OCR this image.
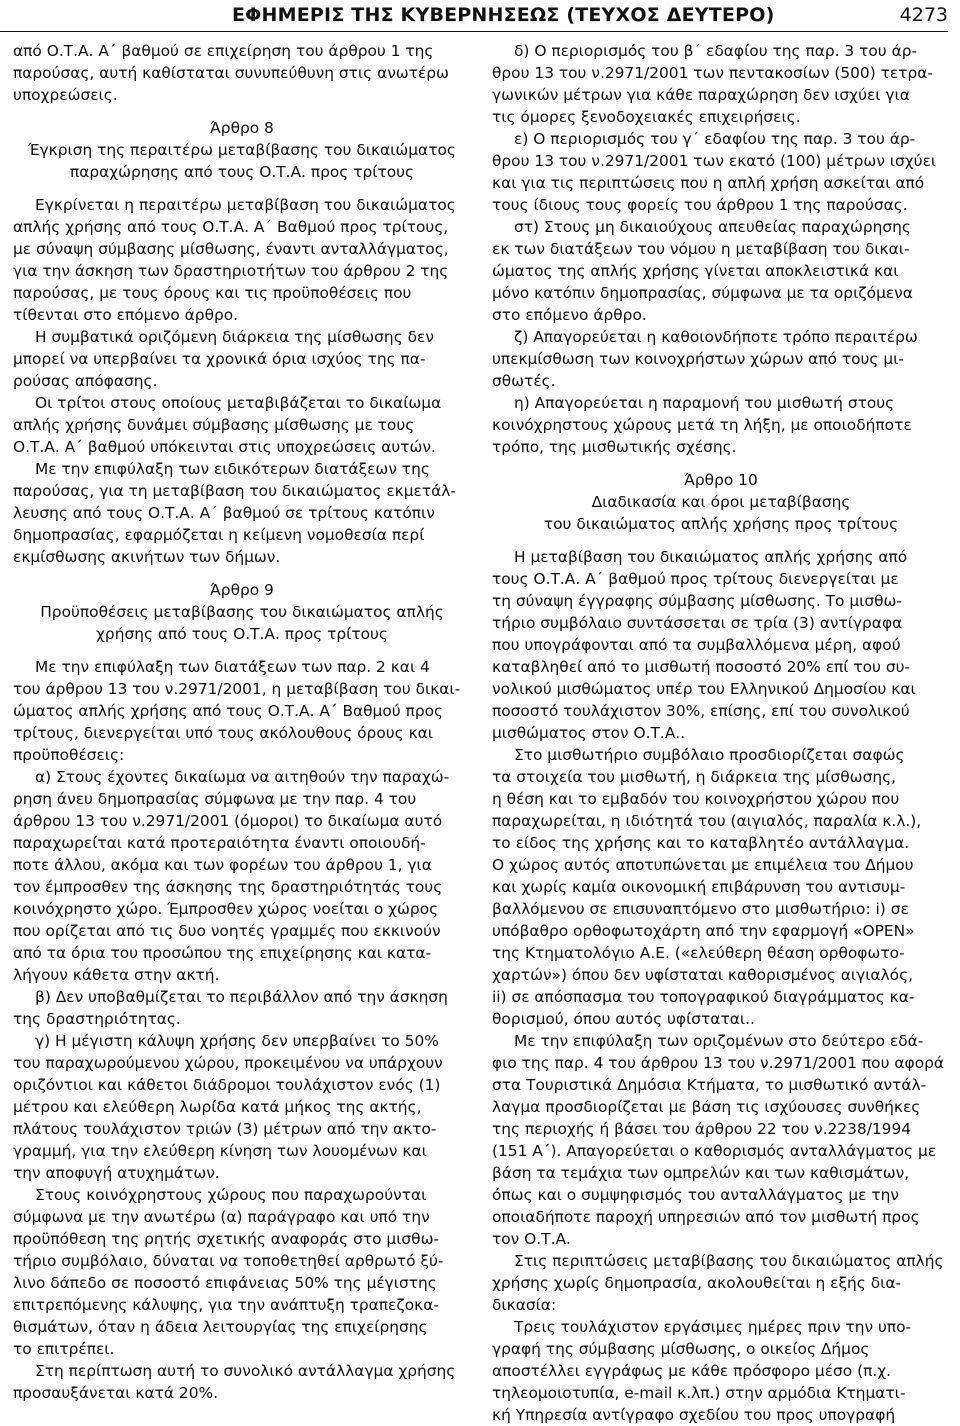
ΕΦΗΜΕΡΙΣ ΤΗΣ ΚΥΒΕΡΝΗΣΕΩΣ (ΤΕΥΧΟΣ ΔΕΥΤΕΡΟ)	4273
από Ο.Τ.Α. Α΄ βαθμού σε επιχείρηση του άρθρου 1 της
παρούσας, αυτή καθίσταται συνυπεύθυνη στις ανωτέρω
υποχρεώσεις.
Άρθρο 8
Έγκριση της περαιτέρω μεταβίβασης του δικαιώματος
παραχώρησης από τους Ο.Τ.Α. προς τρίτους
Εγκρίνεται η περαιτέρω μεταβίβαση του δικαιώματος
απλής χρήσης από τους Ο.Τ.Α. Α΄ Βαθμού προς τρίτους,
με σύναψη σύμβασης μίσθωσης, έναντι ανταλλάγματος,
για την άσκηση των δραστηριοτήτων του άρθρου 2 της
παρούσας, με τους όρους και τις προϋποθέσεις που
τίθενται στο επόμενο άρθρο.
Η συμβατικά οριζόμενη διάρκεια της μίσθωσης δεν
μπορεί να υπερβαίνει τα χρονικά όρια ισχύος της πα-
ρούσας απόφασης.
Οι τρίτοι στους οποίους μεταβιβάζεται το δικαίωμα
απλής χρήσης δυνάμει σύμβασης μίσθωσης με τους
Ο.Τ.Α. Α΄ βαθμού υπόκεινται στις υποχρεώσεις αυτών.
Με την επιφύλαξη των ειδικότερων διατάξεων της
παρούσας, για τη μεταβίβαση του δικαιώματος εκμετάλ-
λευσης από τους Ο.Τ.Α. Α΄ βαθμού σε τρίτους κατόπιν
δημοπρασίας, εφαρμόζεται η κείμενη νομοθεσία περί
εκμίσθωσης ακινήτων των δήμων.
Άρθρο 9
Προϋποθέσεις μεταβίβασης του δικαιώματος απλής
χρήσης από τους Ο.Τ.Α. προς τρίτους
Με την επιφύλαξη των διατάξεων των παρ. 2 και 4
του άρθρου 13 του ν.2971/2001, η μεταβίβαση του δικαι-
ώματος απλής χρήσης από τους Ο.Τ.Α. Α΄ Βαθμού προς
τρίτους, διενεργείται υπό τους ακόλουθους όρους και
προϋποθέσεις:
α) Στους έχοντες δικαίωμα να αιτηθούν την παραχώ-
ρηση άνευ δημοπρασίας σύμφωνα με την παρ. 4 του
άρθρου 13 του ν.2971/2001 (όμοροι) το δικαίωμα αυτό
παραχωρείται κατά προτεραιότητα έναντι οποιουδή-
ποτε άλλου, ακόμα και των φορέων του άρθρου 1, για
τον έμπροσθεν της άσκησης της δραστηριότητάς τους
κοινόχρηστο χώρο. Έμπροσθεν χώρος νοείται ο χώρος
που ορίζεται από τις δυο νοητές γραμμές που εκκινούν
από τα όρια του προσώπου της επιχείρησης και κατα-
λήγουν κάθετα στην ακτή.
β) Δεν υποβαθμίζεται το περιβάλλον από την άσκηση
της δραστηριότητας.
γ) Η μέγιστη κάλυψη χρήσης δεν υπερβαίνει το 50%
του παραχωρούμενου χώρου, προκειμένου να υπάρχουν
οριζόντιοι και κάθετοι διάδρομοι τουλάχιστον ενός (1)
μέτρου και ελεύθερη λωρίδα κατά μήκος της ακτής,
πλάτους τουλάχιστον τριών (3) μέτρων από την ακτο-
γραμμή, για την ελεύθερη κίνηση των λουομένων και
την αποφυγή ατυχημάτων.
Στους κοινόχρηστους χώρους που παραχωρούνται
σύμφωνα με την ανωτέρω (α) παράγραφο και υπό την
προϋπόθεση της ρητής σχετικής αναφοράς στο μισθω-
τήριο συμβόλαιο, δύναται να τοποθετηθεί αρθρωτό ξύ-
λινο δάπεδο σε ποσοστό επιφάνειας 50% της μέγιστης
επιτρεπόμενης κάλυψης, για την ανάπτυξη τραπεζοκα-
θισμάτων, όταν η άδεια λειτουργίας της επιχείρησης
το επιτρέπει.
Στη περίπτωση αυτή το συνολικό αντάλλαγμα χρήσης
προσαυξάνεται κατά 20%.
δ) Ο περιορισμός του β΄ εδαφίου της παρ. 3 του άρ-
θρου 13 του ν.2971/2001 των πεντακοσίων (500) τετρα-
γωνικών μέτρων για κάθε παραχώρηση δεν ισχύει για
τις όμορες ξενοδοχειακές επιχειρήσεις.
ε) Ο περιορισμός του γ΄ εδαφίου της παρ. 3 του άρ-
θρου 13 του ν.2971/2001 των εκατό (100) μέτρων ισχύει
και για τις περιπτώσεις που η απλή χρήση ασκείται από
τους ίδιους τους φορείς του άρθρου 1 της παρούσας.
στ) Στους μη δικαιούχους απευθείας παραχώρησης
εκ των διατάξεων του νόμου η μεταβίβαση του δικαι-
ώματος της απλής χρήσης γίνεται αποκλειστικά και
μόνο κατόπιν δημοπρασίας, σύμφωνα με τα οριζόμενα
στο επόμενο άρθρο.
ζ) Απαγορεύεται η καθοιονδήποτε τρόπο περαιτέρω
υπεκμίσθωση των κοινοχρήστων χώρων από τους μι-
σθωτές.
η) Απαγορεύεται η παραμονή του μισθωτή στους
κοινόχρηστους χώρους μετά τη λήξη, με οποιοδήποτε
τρόπο, της μισθωτικής σχέσης.
Άρθρο 10
Διαδικασία και όροι μεταβίβασης
του δικαιώματος απλής χρήσης προς τρίτους
Η μεταβίβαση του δικαιώματος απλής χρήσης από
τους Ο.Τ.Α. Α΄ βαθμού προς τρίτους διενεργείται με
τη σύναψη έγγραφης σύμβασης μίσθωσης. Το μισθω-
τήριο συμβόλαιο συντάσσεται σε τρία (3) αντίγραφα
που υπογράφονται από τα συμβαλλόμενα μέρη, αφού
καταβληθεί από το μισθωτή ποσοστό 20% επί του συ-
νολικού μισθώματος υπέρ του Ελληνικού Δημοσίου και
ποσοστό τουλάχιστον 30%, επίσης, επί του συνολικού
μισθώματος στον Ο.Τ.Α..
Στο μισθωτήριο συμβόλαιο προσδιορίζεται σαφώς
τα στοιχεία του μισθωτή, η διάρκεια της μίσθωσης,
η θέση και το εμβαδόν του κοινοχρήστου χώρου που
παραχωρείται, η ιδιότητά του (αιγιαλός, παραλία κ.λ.),
το είδος της χρήσης και το καταβλητέο αντάλλαγμα.
Ο χώρος αυτός αποτυπώνεται με επιμέλεια του Δήμου
και χωρίς καμία οικονομική επιβάρυνση του αντισυμ-
βαλλόμενου σε επισυναπτόμενο στο μισθωτήριο: i) σε
υπόβαθρο ορθοφωτοχάρτη από την εφαρμογή «OPEN»
της Κτηματολόγιο Α.Ε. («ελεύθερη θέαση ορθοφωτο-
χαρτών») όπου δεν υφίσταται καθορισμένος αιγιαλός,
ii) σε απόσπασμα του τοπογραφικού διαγράμματος κα-
θορισμού, όπου αυτός υφίσταται..
Με την επιφύλαξη των οριζομένων στο δεύτερο εδά-
φιο της παρ. 4 του άρθρου 13 του ν.2971/2001 που αφορά
στα Τουριστικά Δημόσια Κτήματα, το μισθωτικό αντάλ-
λαγμα προσδιορίζεται με βάση τις ισχύουσες συνθήκες
της περιοχής ή βάσει του άρθρου 22 του ν.2238/1994
(151 Α΄). Απαγορεύεται ο καθορισμός ανταλλάγματος με
βάση τα τεμάχια των ομπρελών και των καθισμάτων,
όπως και ο συμψηφισμός του ανταλλάγματος με την
οποιαδήποτε παροχή υπηρεσιών από τον μισθωτή προς
τον Ο.Τ.Α.
Στις περιπτώσεις μεταβίβασης του δικαιώματος απλής
χρήσης χωρίς δημοπρασία, ακολουθείται η εξής δια-
δικασία:
Τρεις τουλάχιστον εργάσιμες ημέρες πριν την υπο-
γραφή της σύμβασης μίσθωσης, ο οικείος Δήμος
αποστέλλει εγγράφως με κάθε πρόσφορο μέσο (π.χ.
τηλεομοιοτυπία, e-mail κ.λπ.) στην αρμόδια Κτηματι-
κή Υπηρεσία αντίγραφο σχεδίου του προς υπογραφή
